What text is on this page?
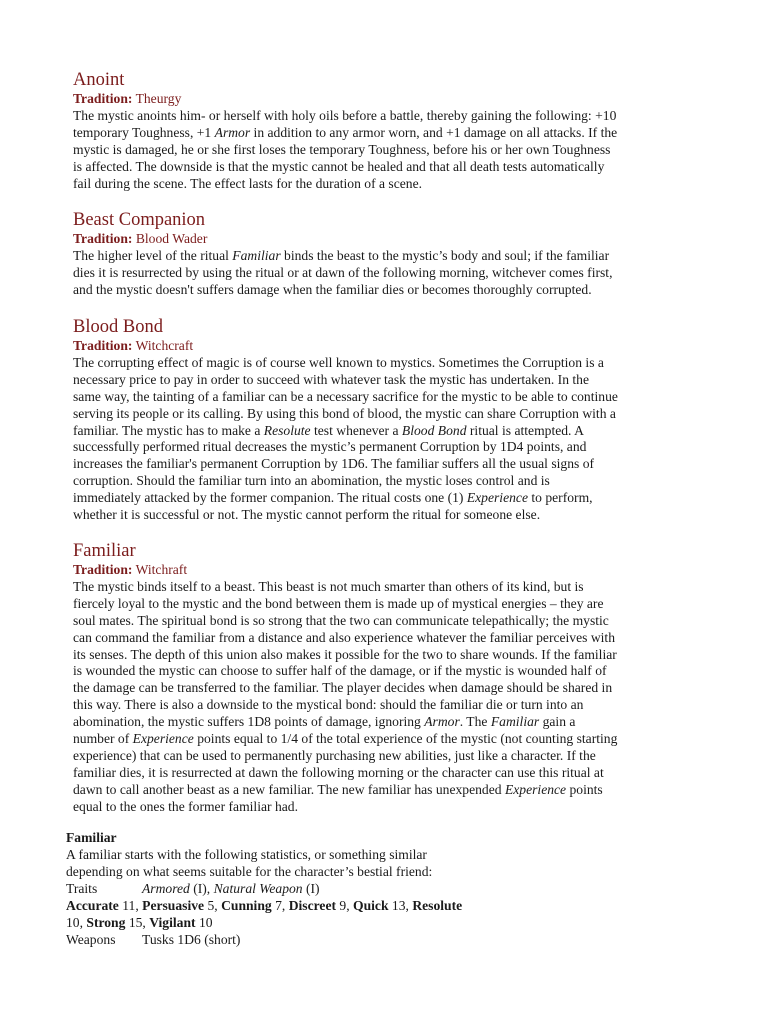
Anoint
Tradition: Theurgy
The mystic anoints him- or herself with holy oils before a battle, thereby gaining the following: +10
temporary Toughness, +1 Armor in addition to any armor worn, and +1 damage on all attacks. If the
mystic is damaged, he or she first loses the temporary Toughness, before his or her own Toughness
is affected. The downside is that the mystic cannot be healed and that all death tests automatically
fail during the scene. The effect lasts for the duration of a scene.
Beast Companion
Tradition: Blood Wader
The higher level of the ritual Familiar binds the beast to the mystic’s body and soul; if the familiar
dies it is resurrected by using the ritual or at dawn of the following morning, witchever comes first,
and the mystic doesn't suffers damage when the familiar dies or becomes thoroughly corrupted.
Blood Bond
Tradition: Witchcraft
The corrupting effect of magic is of course well known to mystics. Sometimes the Corruption is a
necessary price to pay in order to succeed with whatever task the mystic has undertaken. In the
same way, the tainting of a familiar can be a necessary sacrifice for the mystic to be able to continue
serving its people or its calling. By using this bond of blood, the mystic can share Corruption with a
familiar. The mystic has to make a Resolute test whenever a Blood Bond ritual is attempted. A
successfully performed ritual decreases the mystic’s permanent Corruption by 1D4 points, and
increases the familiar's permanent Corruption by 1D6. The familiar suffers all the usual signs of
corruption. Should the familiar turn into an abomination, the mystic loses control and is
immediately attacked by the former companion. The ritual costs one (1) Experience to perform,
whether it is successful or not. The mystic cannot perform the ritual for someone else.
Familiar
Tradition: Witchraft
The mystic binds itself to a beast. This beast is not much smarter than others of its kind, but is
fiercely loyal to the mystic and the bond between them is made up of mystical energies – they are
soul mates. The spiritual bond is so strong that the two can communicate telepathically; the mystic
can command the familiar from a distance and also experience whatever the familiar perceives with
its senses. The depth of this union also makes it possible for the two to share wounds. If the familiar
is wounded the mystic can choose to suffer half of the damage, or if the mystic is wounded half of
the damage can be transferred to the familiar. The player decides when damage should be shared in
this way. There is also a downside to the mystical bond: should the familiar die or turn into an
abomination, the mystic suffers 1D8 points of damage, ignoring Armor. The Familiar gain a
number of Experience points equal to 1/4 of the total experience of the mystic (not counting starting
experience) that can be used to permanently purchasing new abilities, just like a character. If the
familiar dies, it is resurrected at dawn the following morning or the character can use this ritual at
dawn to call another beast as a new familiar. The new familiar has unexpended Experience points
equal to the ones the former familiar had.
Familiar
A familiar starts with the following statistics, or something similar
depending on what seems suitable for the character’s bestial friend:
Traits	Armored (I), Natural Weapon (I)
Accurate 11, Persuasive 5, Cunning 7, Discreet 9, Quick 13, Resolute
10, Strong 15, Vigilant 10
Weapons Tusks 1D6 (short)
